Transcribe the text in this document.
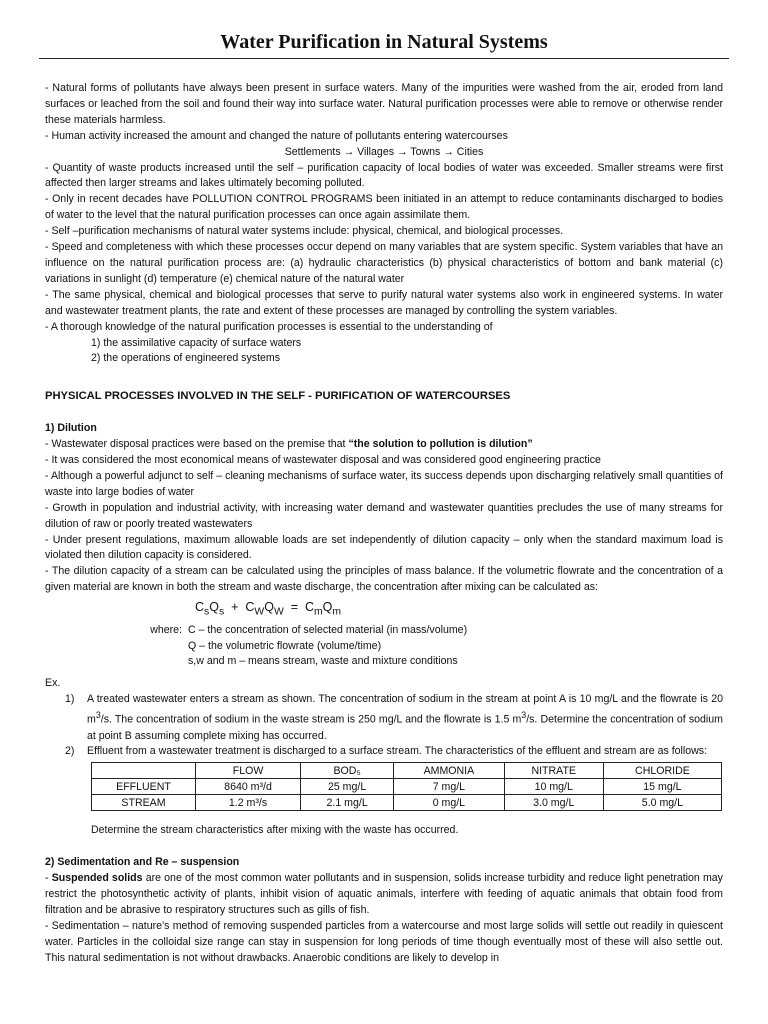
Water Purification in Natural Systems

- Natural forms of pollutants have always been present in surface waters. Many of the impurities were washed from the air, eroded from land surfaces or leached from the soil and found their way into surface water. Natural purification processes were able to remove or otherwise render these materials harmless.

- Human activity increased the amount and changed the nature of pollutants entering watercourses

Settlements → Villages → Towns → Cities

- Quantity of waste products increased until the self – purification capacity of local bodies of water was exceeded. Smaller streams were first affected then larger streams and lakes ultimately becoming polluted.

- Only in recent decades have POLLUTION CONTROL PROGRAMS been initiated in an attempt to reduce contaminants discharged to bodies of water to the level that the natural purification processes can once again assimilate them.

- Self –purification mechanisms of natural water systems include: physical, chemical, and biological processes.

- Speed and completeness with which these processes occur depend on many variables that are system specific. System variables that have an influence on the natural purification process are: (a) hydraulic characteristics (b) physical characteristics of bottom and bank material (c) variations in sunlight (d) temperature (e) chemical nature of the natural water

- The same physical, chemical and biological processes that serve to purify natural water systems also work in engineered systems. In water and wastewater treatment plants, the rate and extent of these processes are managed by controlling the system variables.

- A thorough knowledge of the natural purification processes is essential to the understanding of

1) the assimilative capacity of surface waters

2) the operations of engineered systems

PHYSICAL PROCESSES INVOLVED IN THE SELF - PURIFICATION OF WATERCOURSES

1) Dilution

- Wastewater disposal practices were based on the premise that “the solution to pollution is dilution”

- It was considered the most economical means of wastewater disposal and was considered good engineering practice

- Although a powerful adjunct to self – cleaning mechanisms of surface water, its success depends upon discharging relatively small quantities of waste into large bodies of water

- Growth in population and industrial activity, with increasing water demand and wastewater quantities precludes the use of many streams for dilution of raw or poorly treated wastewaters

- Under present regulations, maximum allowable loads are set independently of dilution capacity – only when the standard maximum load is violated then dilution capacity is considered.

- The dilution capacity of a stream can be calculated using the principles of mass balance. If the volumetric flowrate and the concentration of a given material are known in both the stream and waste discharge, the concentration after mixing can be calculated as:

$C_sQ_s + C_WQ_W = C_mQ_m$

where: C – the concentration of selected material (in mass/volume)

Q – the volumetric flowrate (volume/time)

s,w and m – means stream, waste and mixture conditions

Ex.

1)	A treated wastewater enters a stream as shown. The concentration of sodium in the stream at point A is 10 mg/L and the flowrate is 20 $m^3/s$. The concentration of sodium in the waste stream is 250 mg/L and the flowrate is 1.5 $m^3/s$. Determine the concentration of sodium at point B assuming complete mixing has occurred.
2)	Effluent from a wastewater treatment is discharged to a surface stream. The characteristics of the effluent and stream are as follows:
	FLOW	BOD₅	AMMONIA	NITRATE	CHLORIDE
EFFLUENT	8640 m³/d	25 mg/L	7 mg/L	10 mg/L	15 mg/L
STREAM	1.2 m³/s	2.1 mg/L	0 mg/L	3.0 mg/L	5.0 mg/L

Determine the stream characteristics after mixing with the waste has occurred.

2) Sedimentation and Re – suspension

- Suspended solids are one of the most common water pollutants and in suspension, solids increase turbidity and reduce light penetration may restrict the photosynthetic activity of plants, inhibit vision of aquatic animals, interfere with feeding of aquatic animals that obtain food from filtration and be abrasive to respiratory structures such as gills of fish.

- Sedimentation – nature’s method of removing suspended particles from a watercourse and most large solids will settle out readily in quiescent water. Particles in the colloidal size range can stay in suspension for long periods of time though eventually most of these will also settle out. This natural sedimentation is not without drawbacks. Anaerobic conditions are likely to develop in
